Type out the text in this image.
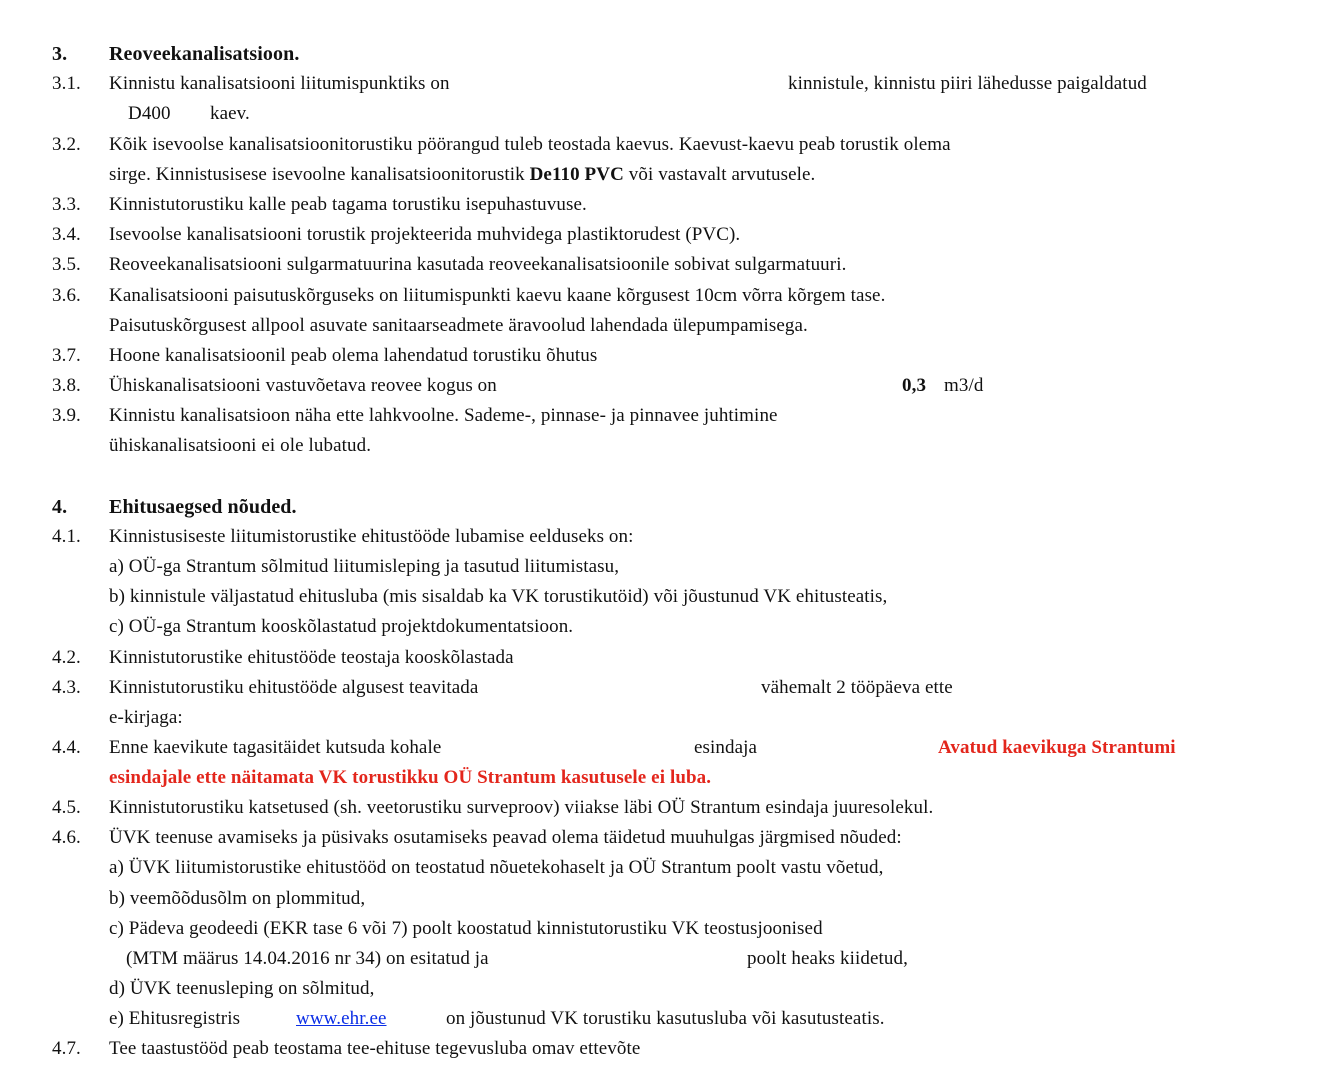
3. Reoveekanalisatsioon.
3.1. Kinnistu kanalisatsiooni liitumispunktiks on	kinnistule, kinnistu piiri lähedusse paigaldatud
D400 kaev.
3.2. Kõik isevoolse kanalisatsioonitorustiku pöörangud tuleb teostada kaevus. Kaevust-kaevu peab torustik olema
sirge. Kinnistusisese isevoolne kanalisatsioonitorustik De110 PVC või vastavalt arvutusele.
3.3. Kinnistutorustiku kalle peab tagama torustiku isepuhastuvuse.
3.4. Isevoolse kanalisatsiooni torustik projekteerida muhvidega plastiktorudest (PVC).
3.5. Reoveekanalisatsiooni sulgarmatuurina kasutada reoveekanalisatsioonile sobivat sulgarmatuuri.
3.6. Kanalisatsiooni paisutuskõrguseks on liitumispunkti kaevu kaane kõrgusest 10cm võrra kõrgem tase.
Paisutuskõrgusest allpool asuvate sanitaarseadmete äravoolud lahendada ülepumpamisega.
3.7. Hoone kanalisatsioonil peab olema lahendatud torustiku õhutus
3.8. Ühiskanalisatsiooni vastuvõetava reovee kogus on	0,3 m3/d
3.9. Kinnistu kanalisatsioon näha ette lahkvoolne. Sademe-, pinnase- ja pinnavee juhtimine
ühiskanalisatsiooni ei ole lubatud.
4. Ehitusaegsed nõuded.
4.1. Kinnistusiseste liitumistorustike ehitustööde lubamise eelduseks on:
a) OÜ-ga Strantum sõlmitud liitumisleping ja tasutud liitumistasu,
b) kinnistule väljastatud ehitusluba (mis sisaldab ka VK torustikutöid) või jõustunud VK ehitusteatis,
c) OÜ-ga Strantum kooskõlastatud projektdokumentatsioon.
4.2. Kinnistutorustike ehitustööde teostaja kooskõlastada
4.3. Kinnistutorustiku ehitustööde algusest teavitada	vähemalt 2 tööpäeva ette
e-kirjaga:
4.4. Enne kaevikute tagasitäidet kutsuda kohale	esindaja	Avatud kaevikuga Strantumi
esindajale ette näitamata VK torustikku OÜ Strantum kasutusele ei luba.
4.5. Kinnistutorustiku katsetused (sh. veetorustiku surveproov) viiakse läbi OÜ Strantum esindaja juuresolekul.
4.6. ÜVK teenuse avamiseks ja püsivaks osutamiseks peavad olema täidetud muuhulgas järgmised nõuded:
a) ÜVK liitumistorustike ehitustööd on teostatud nõuetekohaselt ja OÜ Strantum poolt vastu võetud,
b) veemõõdusõlm on plommitud,
c) Pädeva geodeedi (EKR tase 6 või 7) poolt koostatud kinnistutorustiku VK teostusjoonised
(MTM määrus 14.04.2016 nr 34) on esitatud ja	poolt heaks kiidetud,
d) ÜVK teenusleping on sõlmitud,
e) Ehitusregistris	www.ehr.ee	on jõustunud VK torustiku kasutusluba või kasutusteatis.
4.7. Tee taastustööd peab teostama tee-ehituse tegevusluba omav ettevõte
